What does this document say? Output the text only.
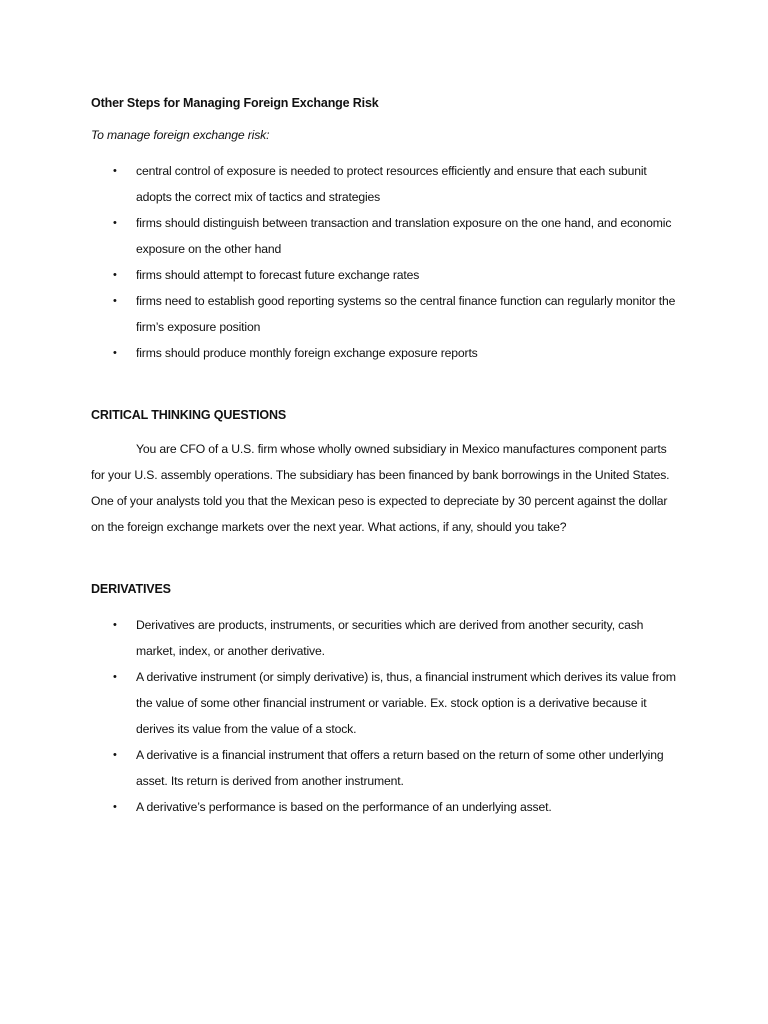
Other Steps for Managing Foreign Exchange Risk

To manage foreign exchange risk:

• central control of exposure is needed to protect resources efficiently and ensure that each subunit adopts the correct mix of tactics and strategies
• firms should distinguish between transaction and translation exposure on the one hand, and economic exposure on the other hand
• firms should attempt to forecast future exchange rates
• firms need to establish good reporting systems so the central finance function can regularly monitor the firm’s exposure position
• firms should produce monthly foreign exchange exposure reports

CRITICAL THINKING QUESTIONS

You are CFO of a U.S. firm whose wholly owned subsidiary in Mexico manufactures component parts for your U.S. assembly operations. The subsidiary has been financed by bank borrowings in the United States. One of your analysts told you that the Mexican peso is expected to depreciate by 30 percent against the dollar on the foreign exchange markets over the next year. What actions, if any, should you take?

DERIVATIVES

• Derivatives are products, instruments, or securities which are derived from another security, cash market, index, or another derivative.
• A derivative instrument (or simply derivative) is, thus, a financial instrument which derives its value from the value of some other financial instrument or variable. Ex. stock option is a derivative because it derives its value from the value of a stock.
• A derivative is a financial instrument that offers a return based on the return of some other underlying asset. Its return is derived from another instrument.
• A derivative’s performance is based on the performance of an underlying asset.
